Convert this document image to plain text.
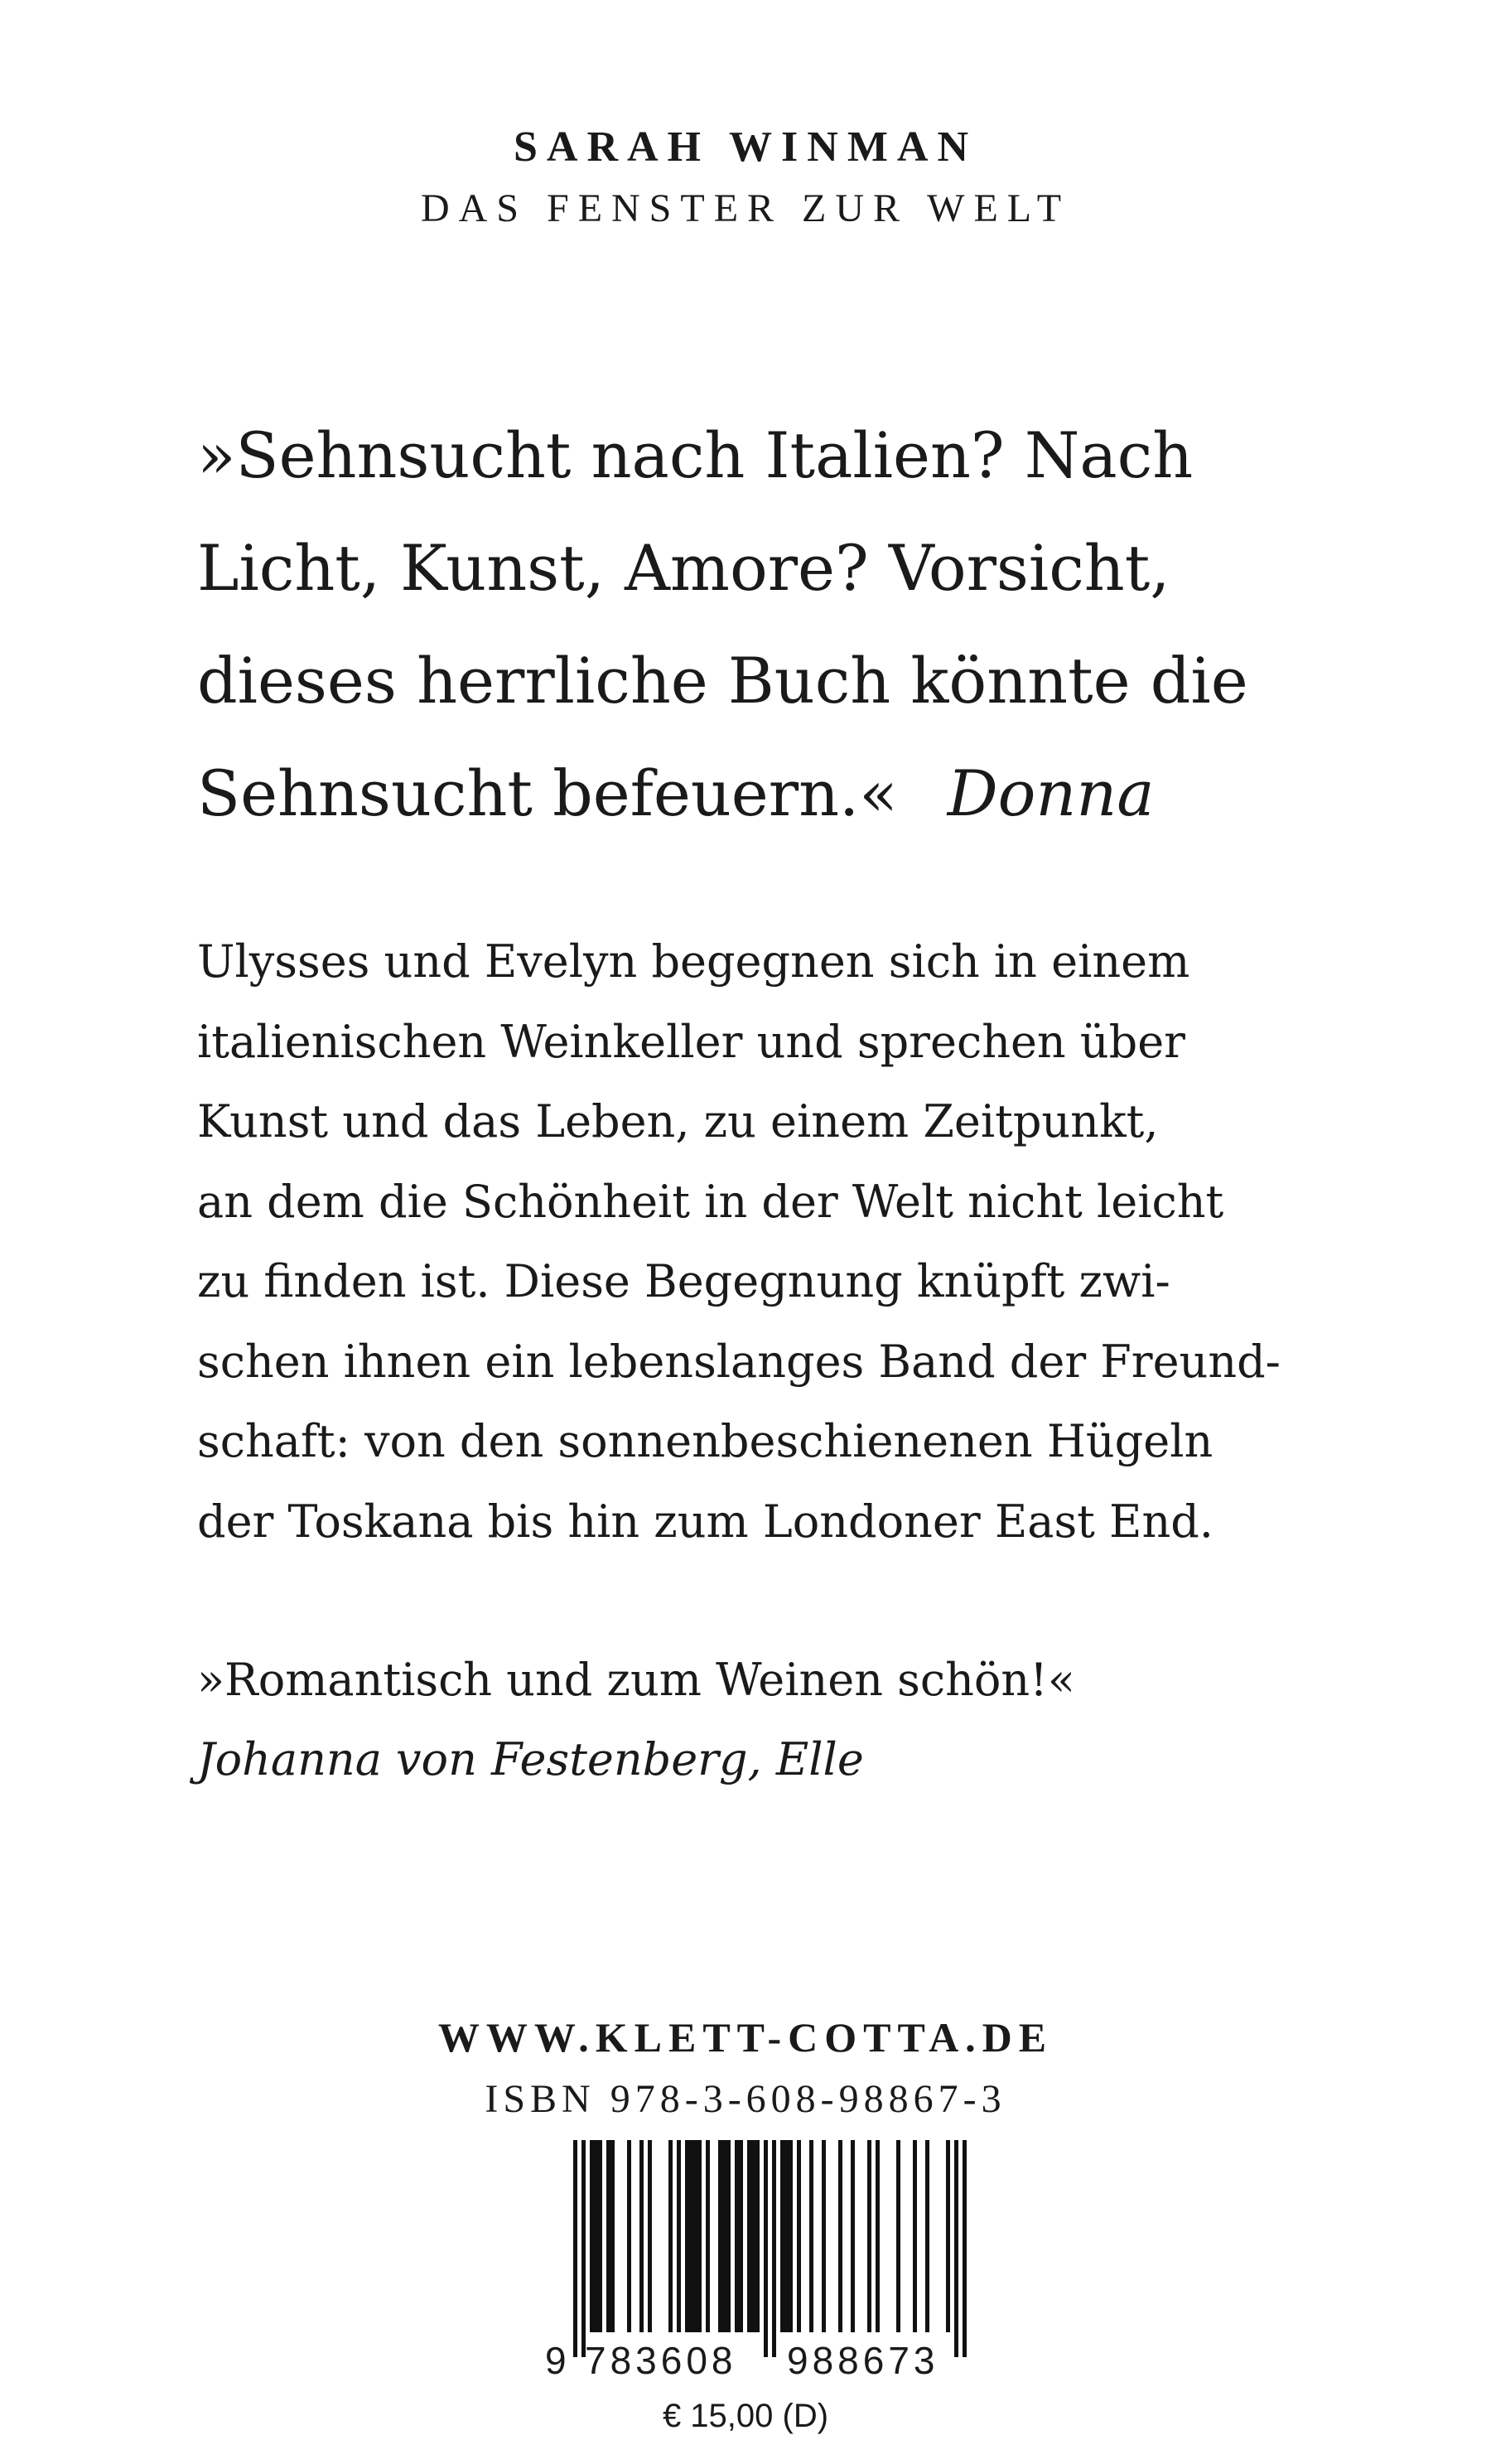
SARAH WINMAN
DAS FENSTER ZUR WELT
»Sehnsucht nach Italien? Nach
Licht, Kunst, Amore? Vorsicht,
dieses herrliche Buch könnte die
Sehnsucht befeuern.« Donna
Ulysses und Evelyn begegnen sich in einem
italienischen Weinkeller und sprechen über
Kunst und das Leben, zu einem Zeitpunkt,
an dem die Schönheit in der Welt nicht leicht
zu finden ist. Diese Begegnung knüpft zwi-
schen ihnen ein lebenslanges Band der Freund-
schaft: von den sonnenbeschienenen Hügeln
der Toskana bis hin zum Londoner East End.
»Romantisch und zum Weinen schön!«
Johanna von Festenberg, Elle
WWW.KLETT-COTTA.DE
ISBN 978-3-608-98867-3
9 783608 988673
€ 15,00 (D)
